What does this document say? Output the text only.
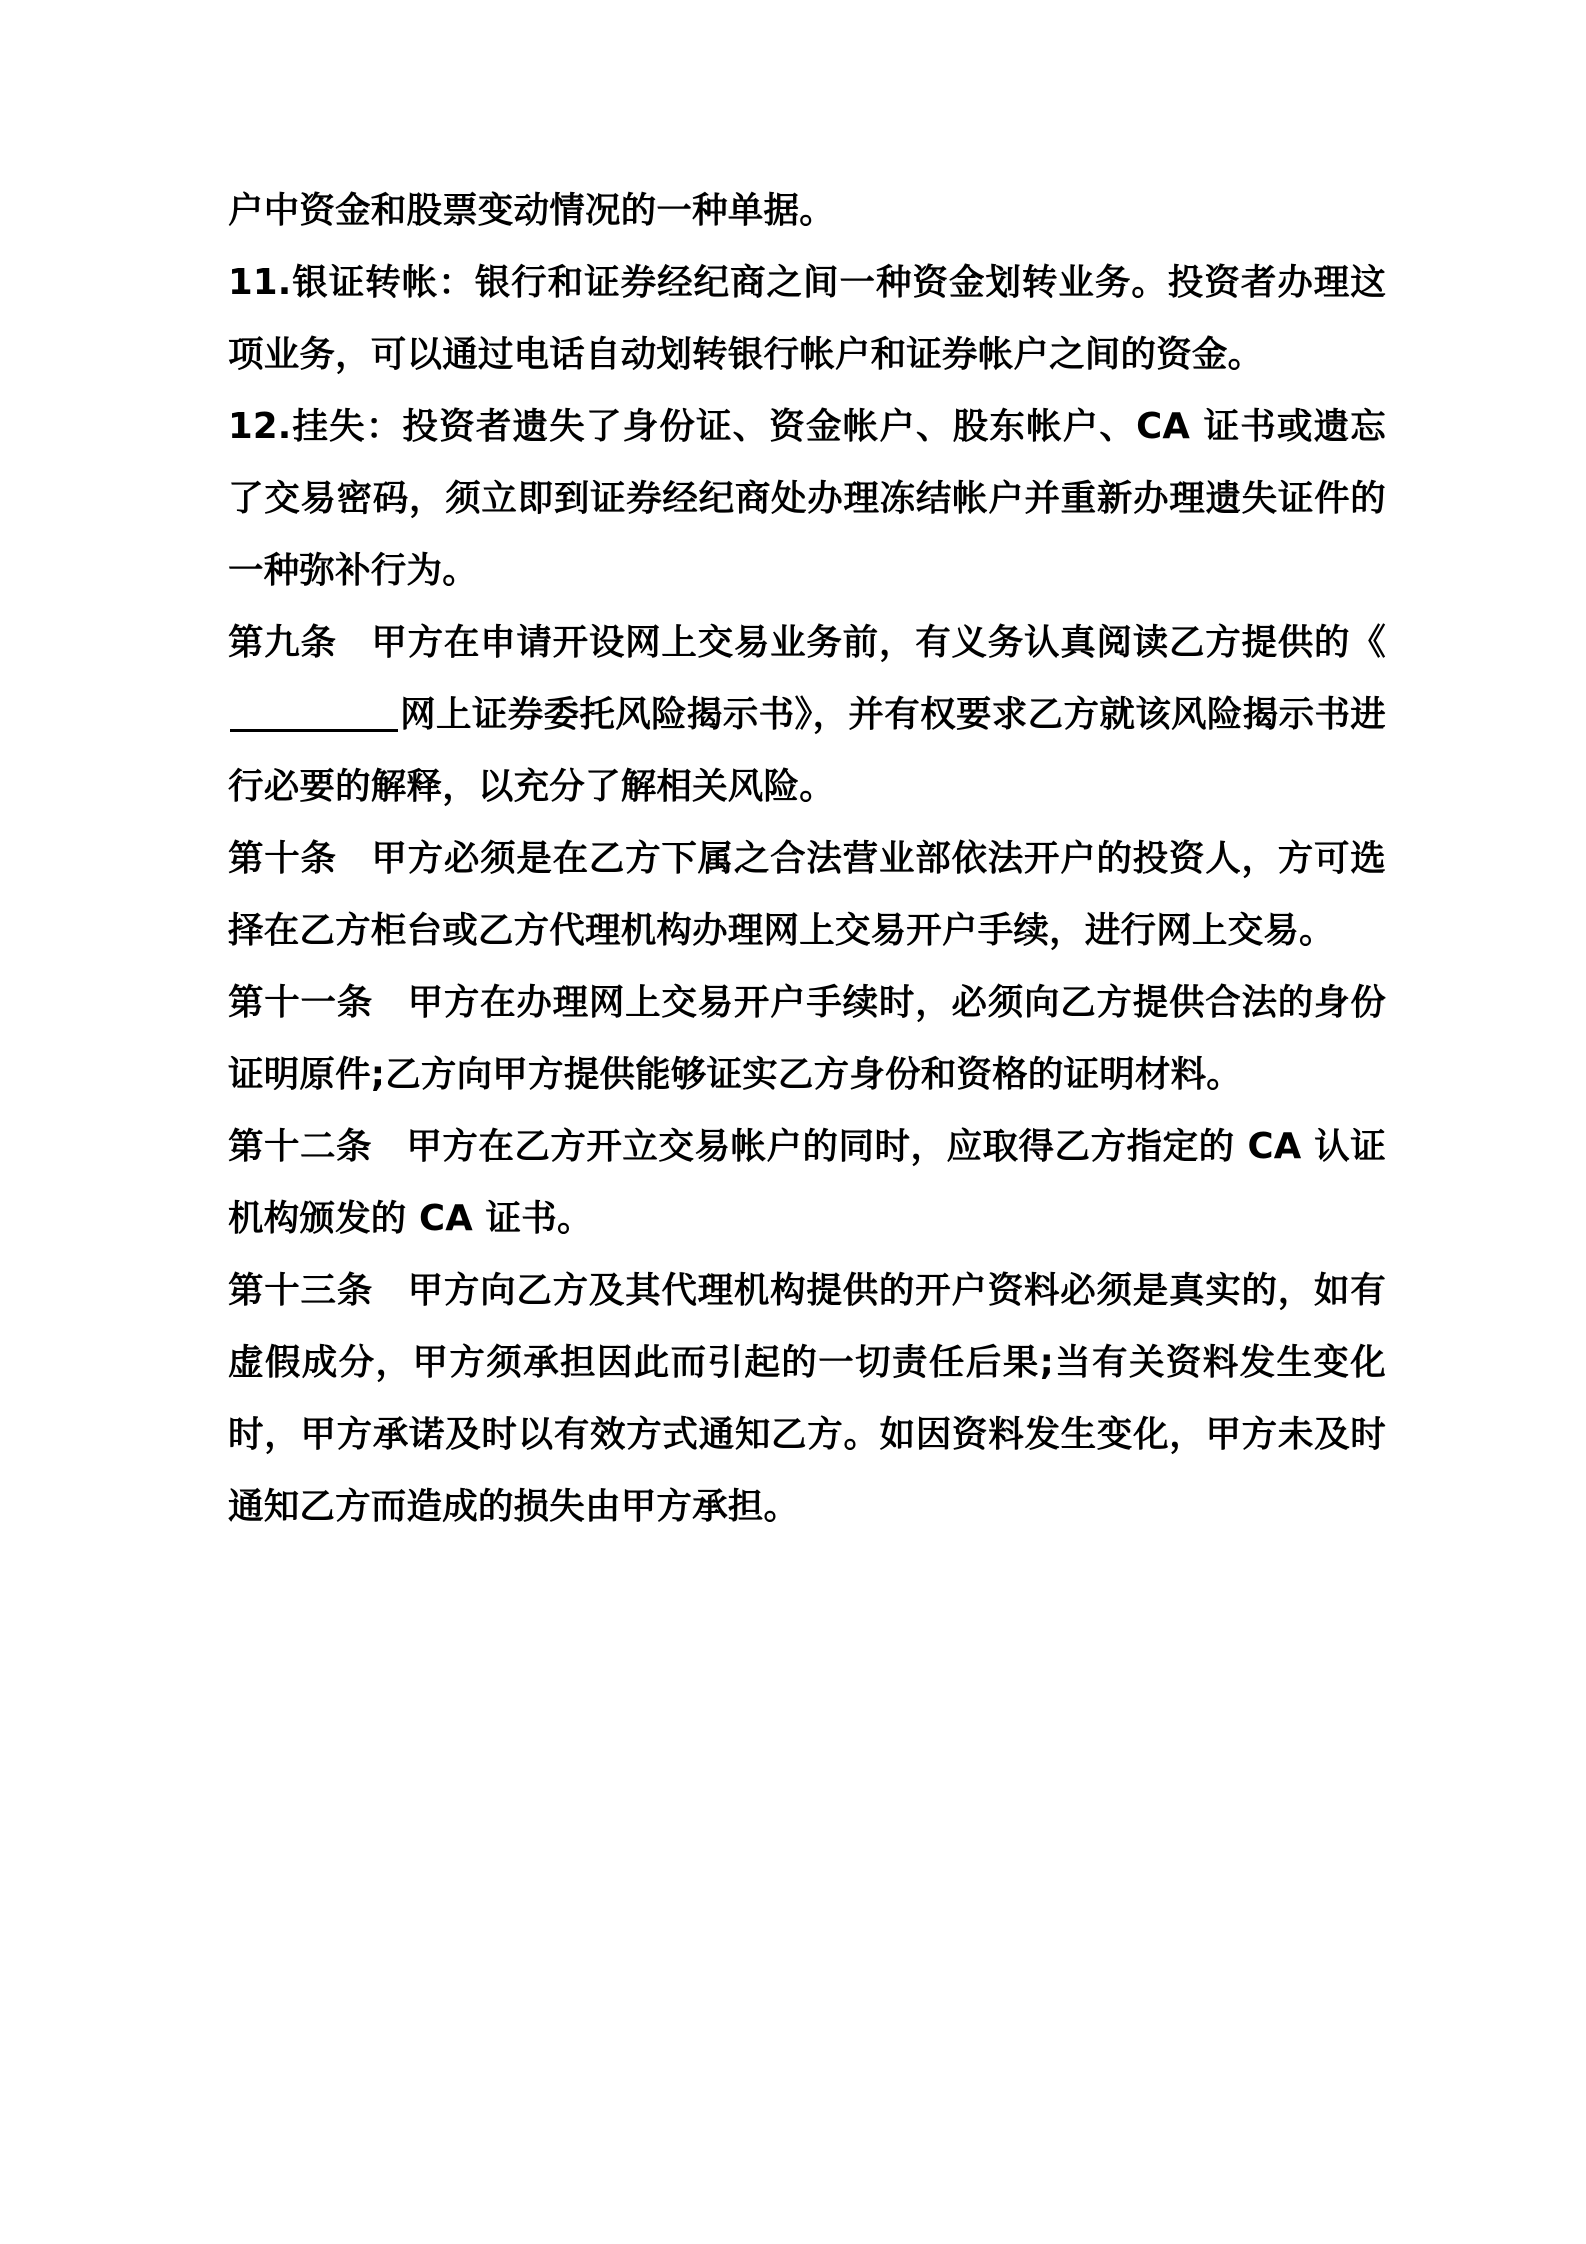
户中资金和股票变动情况的一种单据。

11.银证转帐：银行和证券经纪商之间一种资金划转业务。投资者办理这项业务，可以通过电话自动划转银行帐户和证券帐户之间的资金。

12.挂失：投资者遗失了身份证、资金帐户、股东帐户、CA 证书或遗忘了交易密码，须立即到证券经纪商处办理冻结帐户并重新办理遗失证件的一种弥补行为。

第九条 甲方在申请开设网上交易业务前，有义务认真阅读乙方提供的《网上证券委托风险揭示书》，并有权要求乙方就该风险揭示书进行必要的解释，以充分了解相关风险。

第十条 甲方必须是在乙方下属之合法营业部依法开户的投资人，方可选择在乙方柜台或乙方代理机构办理网上交易开户手续，进行网上交易。

第十一条 甲方在办理网上交易开户手续时，必须向乙方提供合法的身份证明原件;乙方向甲方提供能够证实乙方身份和资格的证明材料。

第十二条 甲方在乙方开立交易帐户的同时，应取得乙方指定的 CA 认证机构颁发的 CA 证书。

第十三条 甲方向乙方及其代理机构提供的开户资料必须是真实的，如有虚假成分，甲方须承担因此而引起的一切责任后果;当有关资料发生变化时，甲方承诺及时以有效方式通知乙方。如因资料发生变化，甲方未及时通知乙方而造成的损失由甲方承担。
